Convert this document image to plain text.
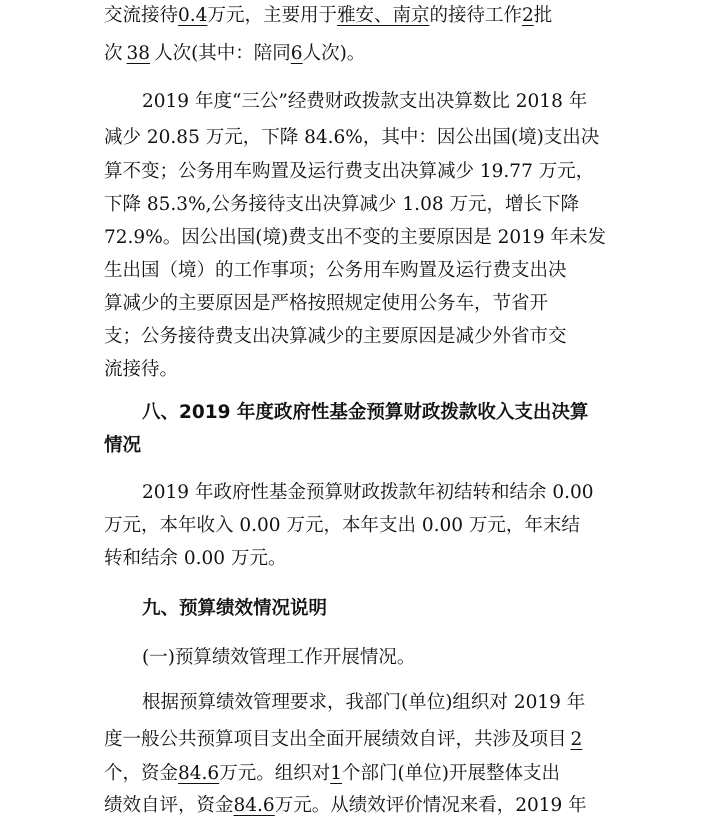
交流接待0.4万元，主要用于雅安、南京的接待工作2批
次 38 人次(其中：陪同6人次)。
2019 年度“三公”经费财政拨款支出决算数比 2018 年
减少 20.85 万元，下降 84.6%，其中：因公出国(境)支出决
算不变；公务用车购置及运行费支出决算减少 19.77 万元，
下降 85.3%,公务接待支出决算减少 1.08 万元，增长下降
72.9%。因公出国(境)费支出不变的主要原因是 2019 年未发
生出国（境）的工作事项；公务用车购置及运行费支出决
算减少的主要原因是严格按照规定使用公务车，节省开
支；公务接待费支出决算减少的主要原因是减少外省市交
流接待。
八、2019 年度政府性基金预算财政拨款收入支出决算
情况
2019 年政府性基金预算财政拨款年初结转和结余 0.00
万元，本年收入 0.00 万元，本年支出 0.00 万元，年末结
转和结余 0.00 万元。
九、预算绩效情况说明
(一)预算绩效管理工作开展情况。
根据预算绩效管理要求，我部门(单位)组织对 2019 年
度一般公共预算项目支出全面开展绩效自评，共涉及项目 2
个，资金84.6万元。组织对1个部门(单位)开展整体支出
绩效自评，资金84.6万元。从绩效评价情况来看，2019 年
